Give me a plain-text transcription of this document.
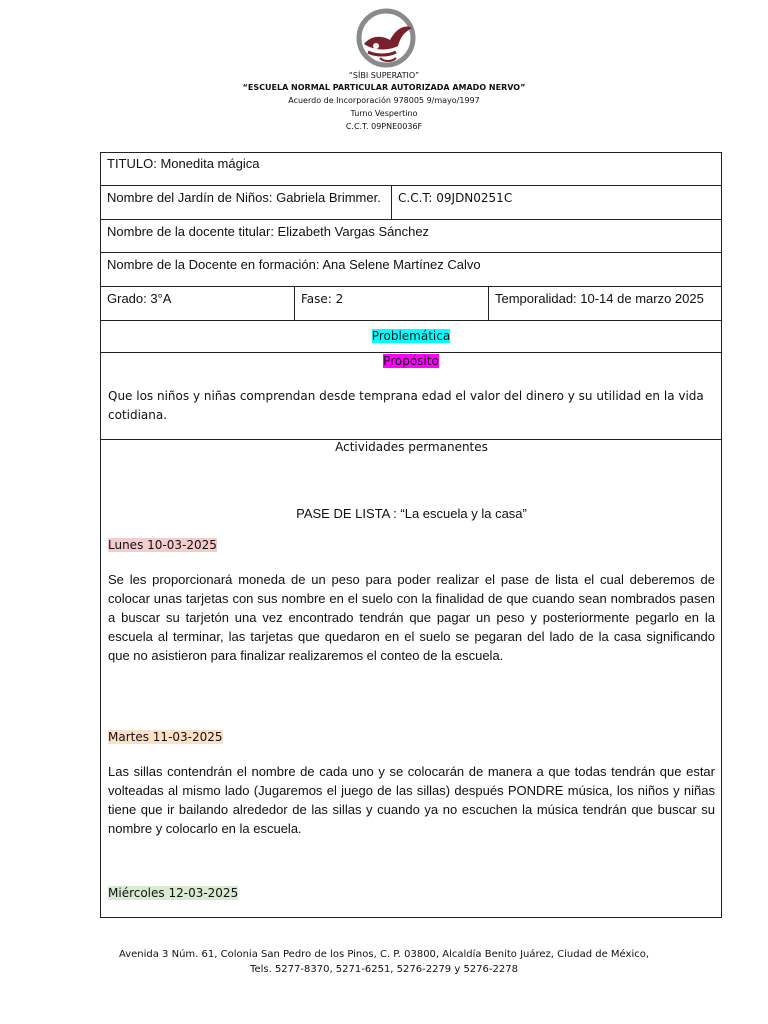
“SÍBI SUPERATIO”
“ESCUELA NORMAL PARTICULAR AUTORIZADA AMADO NERVO”
Acuerdo de Incorporación 978005 9/mayo/1997
Turno Vespertino
C.C.T. 09PNE0036F
TITULO: Monedita mágica
Nombre del Jardín de Niños: Gabriela Brimmer.	C.C.T: 09JDN0251C
Nombre de la docente titular: Elizabeth Vargas Sánchez
Nombre de la Docente en formación: Ana Selene Martínez Calvo
Grado: 3°A	Fase: 2	Temporalidad: 10-14 de marzo 2025
Problemática
Propósito
Que los niños y niñas comprendan desde temprana edad el valor del dinero y su utilidad en la vida cotidiana.
Actividades permanentes
PASE DE LISTA : “La escuela y la casa”
Lunes 10-03-2025
Se les proporcionará moneda de un peso para poder realizar el pase de lista el cual deberemos de colocar unas tarjetas con sus nombre en el suelo con la finalidad de que cuando sean nombrados pasen a buscar su tarjetón una vez encontrado tendrán que pagar un peso y posteriormente pegarlo en la escuela al terminar, las tarjetas que quedaron en el suelo se pegaran del lado de la casa significando que no asistieron para finalizar realizaremos el conteo de la escuela.
Martes 11-03-2025
Las sillas contendrán el nombre de cada uno y se colocarán de manera a que todas tendrán que estar volteadas al mismo lado (Jugaremos el juego de las sillas) después PONDRE música, los niños y niñas tiene que ir bailando alrededor de las sillas y cuando ya no escuchen la música tendrán que buscar su nombre y colocarlo en la escuela.
Miércoles 12-03-2025
Avenida 3 Núm. 61, Colonia San Pedro de los Pinos, C. P. 03800, Alcaldía Benito Juárez, Ciudad de México,
Tels. 5277-8370, 5271-6251, 5276-2279 y 5276-2278
